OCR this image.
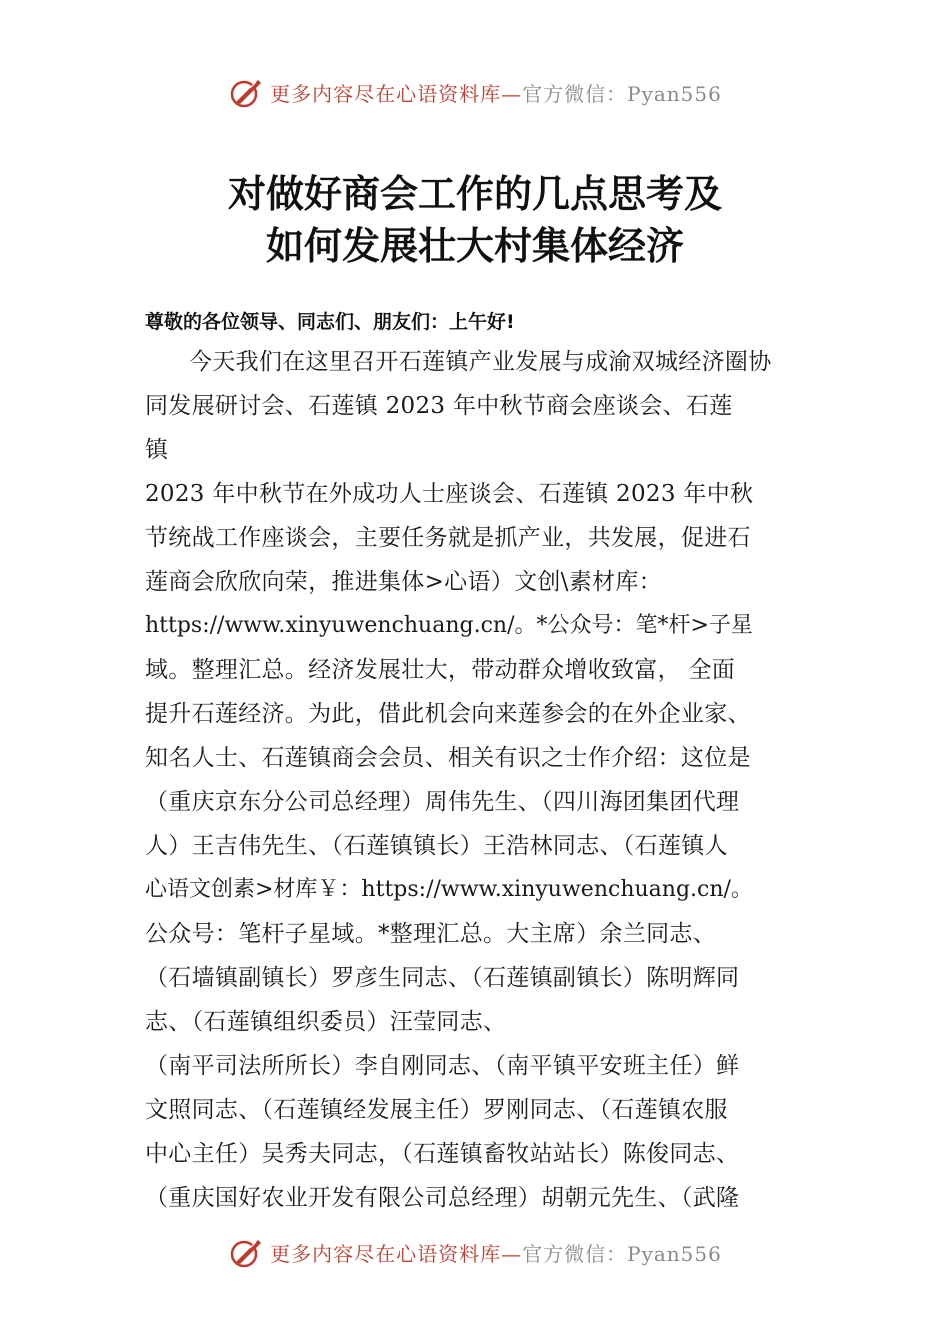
更多内容尽在心语资料库—官方微信：Pyan556
对做好商会工作的几点思考及
如何发展壮大村集体经济
尊敬的各位领导、同志们、朋友们：上午好!
今天我们在这里召开石莲镇产业发展与成渝双城经济圈协
同发展研讨会、石莲镇 2023 年中秋节商会座谈会、石莲
镇
2023 年中秋节在外成功人士座谈会、石莲镇 2023 年中秋
节统战工作座谈会，主要任务就是抓产业，共发展，促进石
莲商会欣欣向荣，推进集体>心语）文创\素材库：
https://www.xinyuwenchuang.cn/。*公众号：笔*杆>子星
域。整理汇总。经济发展壮大，带动群众增收致富， 全面
提升石莲经济。为此，借此机会向来莲参会的在外企业家、
知名人士、石莲镇商会会员、相关有识之士作介绍：这位是
（重庆京东分公司总经理）周伟先生、（四川海团集团代理
人）王吉伟先生、（石莲镇镇长）王浩林同志、（石莲镇人
心语文创素>材库￥：https://www.xinyuwenchuang.cn/。
公众号：笔杆子星域。*整理汇总。大主席）余兰同志、
（石墙镇副镇长）罗彦生同志、（石莲镇副镇长）陈明辉同
志、（石莲镇组织委员）汪莹同志、
（南平司法所所长）李自刚同志、（南平镇平安班主任）鲜
文照同志、（石莲镇经发展主任）罗刚同志、（石莲镇农服
中心主任）吴秀夫同志，（石莲镇畜牧站站长）陈俊同志、
（重庆国好农业开发有限公司总经理）胡朝元先生、（武隆
更多内容尽在心语资料库—官方微信：Pyan556
